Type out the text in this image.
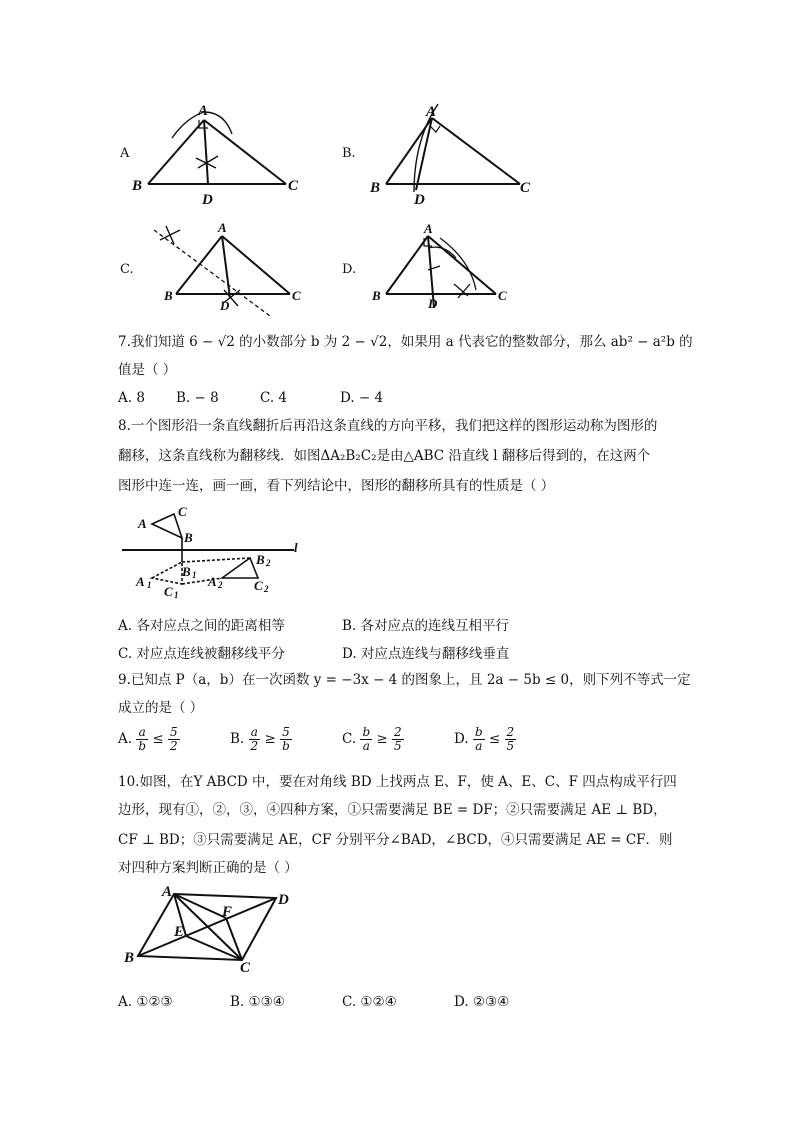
A
A
B	C
D
B.
A
B	C
D
C.
A
B	C
D
D.
A
B	C
D
7.我们知道 6 − √2 的小数部分 b 为 2 − √2，如果用 a 代表它的整数部分，那么 ab² − a²b 的
值是（ ）
A. 8 B. − 8	C. 4	D. − 4
8.一个图形沿一条直线翻折后再沿这条直线的方向平移，我们把这样的图形运动称为图形的
翻移，这条直线称为翻移线．如图ΔA₂B₂C₂是由△ABC 沿直线 l 翻移后得到的，在这两个
图形中连一连，画一画，看下列结论中，图形的翻移所具有的性质是（ ）
A
C
B
l
A 1
B 1
C 1
A 2
B 2
C 2
A. 各对应点之间的距离相等	B. 各对应点的连线互相平行
C. 对应点连线被翻移线平分	D. 对应点连线与翻移线垂直
9.已知点 P（a，b）在一次函数 y = −3x − 4 的图象上，且 2a − 5b ≤ 0，则下列不等式一定
成立的是（ ）
A. $\frac{a}{b} \le \frac{5}{2}$	B. $\frac{a}{2} \ge \frac{5}{b}$	C. $\frac{b}{a} \ge \frac{2}{5}$	D. $\frac{b}{a} \le \frac{2}{5}$
10.如图，在Y ABCD 中，要在对角线 BD 上找两点 E、F，使 A、E、C、F 四点构成平行四
边形，现有①，②，③，④四种方案，①只需要满足 BE = DF；②只需要满足 AE ⊥ BD，
CF ⊥ BD；③只需要满足 AE，CF 分别平分∠BAD，∠BCD，④只需要满足 AE = CF．则
对四种方案判断正确的是（ ）
A	D
F
E
B
C
A. ①②③	B. ①③④	C. ①②④	D. ②③④
